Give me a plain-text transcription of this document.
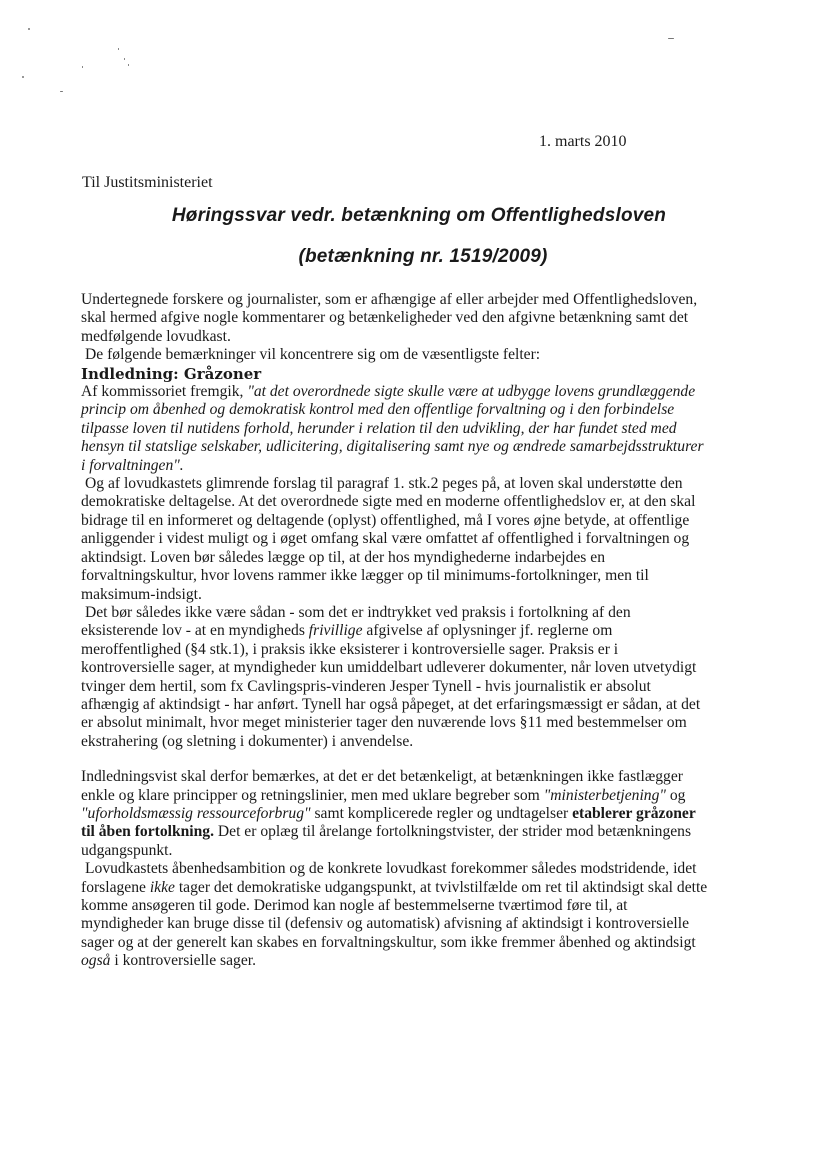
1. marts 2010
Til Justitsministeriet
Høringssvar vedr. betænkning om Offentlighedsloven
(betænkning nr. 1519/2009)

Undertegnede forskere og journalister, som er afhængige af eller arbejder med Offentlighedsloven,
skal hermed afgive nogle kommentarer og betænkeligheder ved den afgivne betænkning samt det
medfølgende lovudkast.
De følgende bemærkninger vil koncentrere sig om de væsentligste felter:

Indledning: Gråzoner

Af kommissoriet fremgik, "at det overordnede sigte skulle være at udbygge lovens grundlæggende
princip om åbenhed og demokratisk kontrol med den offentlige forvaltning og i den forbindelse
tilpasse loven til nutidens forhold, herunder i relation til den udvikling, der har fundet sted med
hensyn til statslige selskaber, udlicitering, digitalisering samt nye og ændrede samarbejdsstrukturer
i forvaltningen".

Og af lovudkastets glimrende forslag til paragraf 1. stk.2 peges på, at loven skal understøtte den
demokratiske deltagelse. At det overordnede sigte med en moderne offentlighedslov er, at den skal
bidrage til en informeret og deltagende (oplyst) offentlighed, må I vores øjne betyde, at offentlige
anliggender i videst muligt og i øget omfang skal være omfattet af offentlighed i forvaltningen og
aktindsigt. Loven bør således lægge op til, at der hos myndighederne indarbejdes en
forvaltningskultur, hvor lovens rammer ikke lægger op til minimums-fortolkninger, men til
maksimum-indsigt.

Det bør således ikke være sådan - som det er indtrykket ved praksis i fortolkning af den
eksisterende lov - at en myndigheds frivillige afgivelse af oplysninger jf. reglerne om
meroffentlighed (§4 stk.1), i praksis ikke eksisterer i kontroversielle sager. Praksis er i
kontroversielle sager, at myndigheder kun umiddelbart udleverer dokumenter, når loven utvetydigt
tvinger dem hertil, som fx Cavlingspris-vinderen Jesper Tynell - hvis journalistik er absolut
afhængig af aktindsigt - har anført. Tynell har også påpeget, at det erfaringsmæssigt er sådan, at det
er absolut minimalt, hvor meget ministerier tager den nuværende lovs §11 med bestemmelser om
ekstrahering (og sletning i dokumenter) i anvendelse.

Indledningsvist skal derfor bemærkes, at det er det betænkeligt, at betænkningen ikke fastlægger
enkle og klare principper og retningslinier, men med uklare begreber som "ministerbetjening" og
"uforholdsmæssig ressourceforbrug" samt komplicerede regler og undtagelser etablerer gråzoner
til åben fortolkning. Det er oplæg til årelange fortolkningstvister, der strider mod betænkningens
udgangspunkt.

Lovudkastets åbenhedsambition og de konkrete lovudkast forekommer således modstridende, idet
forslagene ikke tager det demokratiske udgangspunkt, at tvivlstilfælde om ret til aktindsigt skal dette
komme ansøgeren til gode. Derimod kan nogle af bestemmelserne tværtimod føre til, at
myndigheder kan bruge disse til (defensiv og automatisk) afvisning af aktindsigt i kontroversielle
sager og at der generelt kan skabes en forvaltningskultur, som ikke fremmer åbenhed og aktindsigt
også i kontroversielle sager.
